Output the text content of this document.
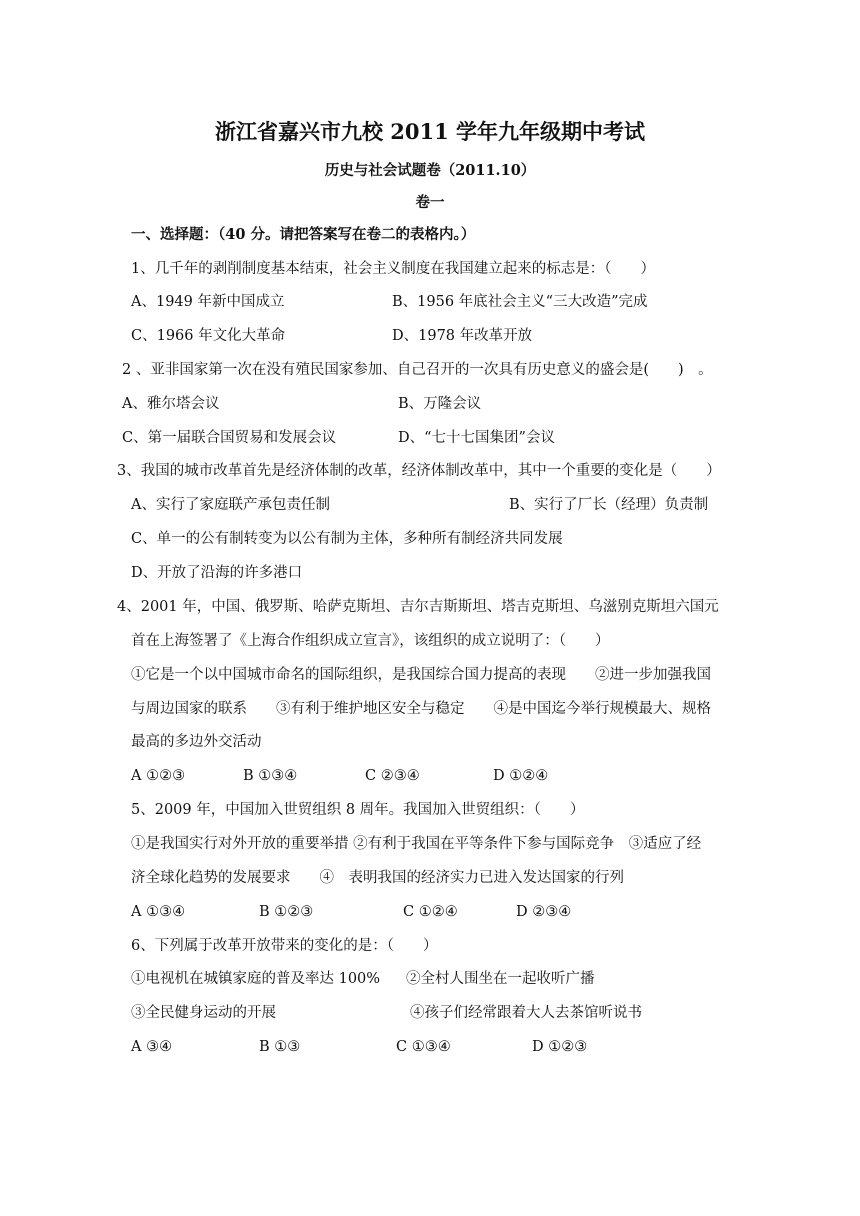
浙江省嘉兴市九校 2011 学年九年级期中考试
历史与社会试题卷（2011.10）
卷一
一、选择题：（40 分。请把答案写在卷二的表格内。）
1、几千年的剥削制度基本结束，社会主义制度在我国建立起来的标志是：（　　）
A、1949 年新中国成立	B、1956 年底社会主义“三大改造”完成
C、1966 年文化大革命	D、1978 年改革开放
2 、亚非国家第一次在没有殖民国家参加、自己召开的一次具有历史意义的盛会是(　　)　。
A、雅尔塔会议	B、万隆会议
C、第一届联合国贸易和发展会议	D、“七十七国集团”会议
3、我国的城市改革首先是经济体制的改革，经济体制改革中，其中一个重要的变化是（　　）
A、实行了家庭联产承包责任制	B、实行了厂长（经理）负责制
C、单一的公有制转变为以公有制为主体，多种所有制经济共同发展
D、开放了沿海的许多港口
4、2001 年，中国、俄罗斯、哈萨克斯坦、吉尔吉斯斯坦、塔吉克斯坦、乌滋别克斯坦六国元
首在上海签署了《上海合作组织成立宣言》，该组织的成立说明了：（　　）
①它是一个以中国城市命名的国际组织，是我国综合国力提高的表现　　②进一步加强我国
与周边国家的联系　　③有利于维护地区安全与稳定　　④是中国迄今举行规模最大、规格
最高的多边外交活动
A ①②③	B ①③④	C ②③④	D ①②④
5、2009 年，中国加入世贸组织 8 周年。我国加入世贸组织：（　　）
①是我国实行对外开放的重要举措 ②有利于我国在平等条件下参与国际竞争　③适应了经
济全球化趋势的发展要求　　④　表明我国的经济实力已进入发达国家的行列
A ①③④	B ①②③	C ①②④	D ②③④
6、下列属于改革开放带来的变化的是：（　　）
①电视机在城镇家庭的普及率达 100% ②全村人围坐在一起收听广播
③全民健身运动的开展	④孩子们经常跟着大人去茶馆听说书
A ③④	B ①③	C ①③④	D ①②③
